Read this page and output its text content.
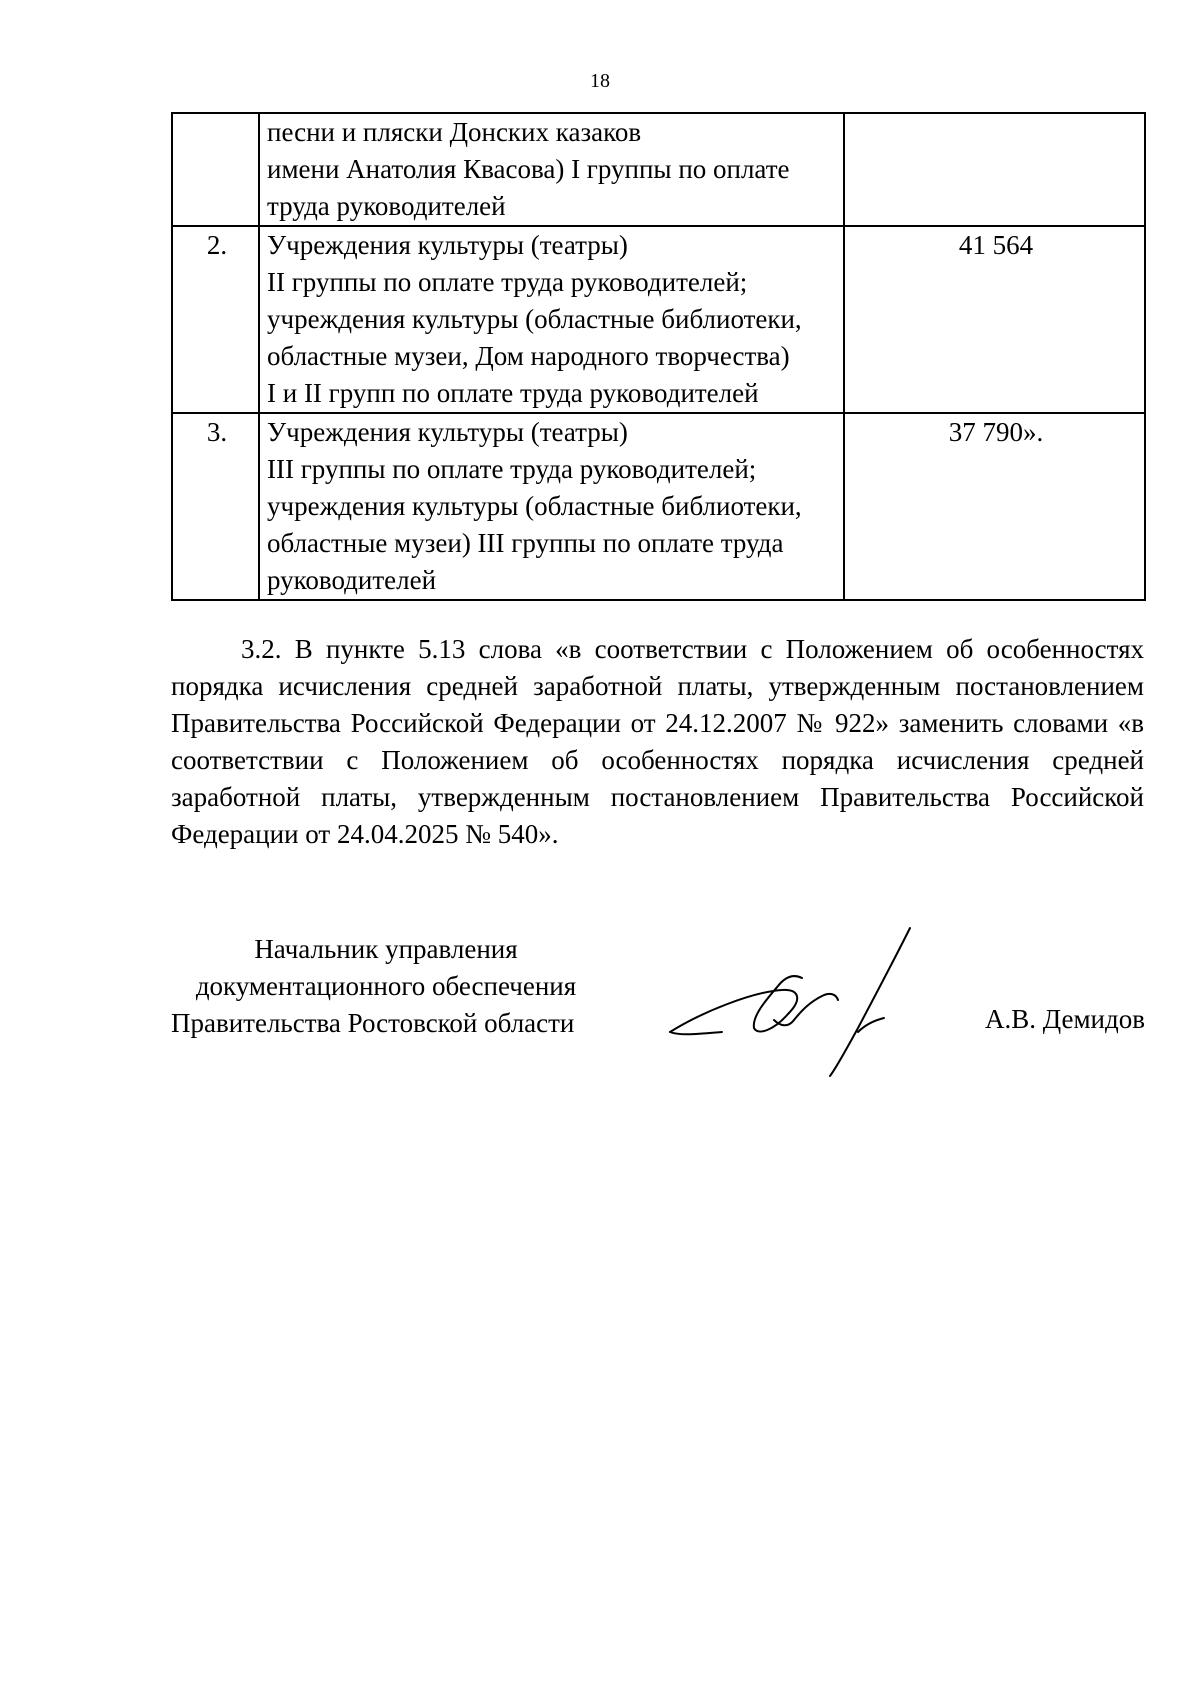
18

	песни и пляски Донских казаков
имени Анатолия Квасова) I группы по оплате
труда руководителей	

2.	Учреждения культуры (театры)
II группы по оплате труда руководителей;
учреждения культуры (областные библиотеки,
областные музеи, Дом народного творчества)
I и II групп по оплате труда руководителей	41 564
3.	Учреждения культуры (театры)
III группы по оплате труда руководителей;
учреждения культуры (областные библиотеки,
областные музеи) III группы по оплате труда
руководителей	37 790».

3.2. В пункте 5.13 слова «в соответствии с Положением об особенностях порядка исчисления средней заработной платы, утвержденным постановлением Правительства Российской Федерации от 24.12.2007 № 922» заменить словами «в соответствии с Положением об особенностях порядка исчисления средней заработной платы, утвержденным постановлением Правительства Российской Федерации от 24.04.2025 № 540».

Начальник управления
документационного обеспечения
Правительства Ростовской области	А.В. Демидов
